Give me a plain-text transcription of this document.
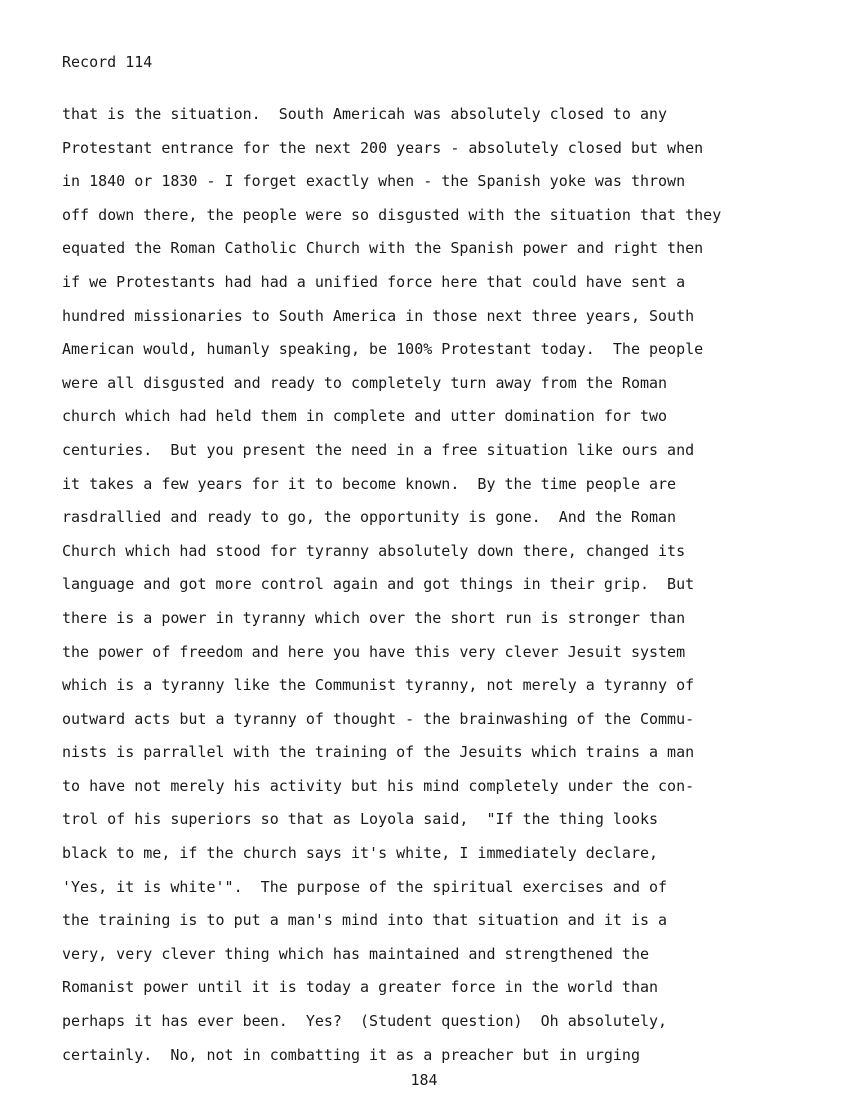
Record 114
that is the situation.  South Americah was absolutely closed to any
Protestant entrance for the next 200 years - absolutely closed but when
in 1840 or 1830 - I forget exactly when - the Spanish yoke was thrown
off down there, the people were so disgusted with the situation that they
equated the Roman Catholic Church with the Spanish power and right then
if we Protestants had had a unified force here that could have sent a
hundred missionaries to South America in those next three years, South
American would, humanly speaking, be 100% Protestant today.  The people
were all disgusted and ready to completely turn away from the Roman
church which had held them in complete and utter domination for two
centuries.  But you present the need in a free situation like ours and
it takes a few years for it to become known.  By the time people are
rasdrallied and ready to go, the opportunity is gone.  And the Roman
Church which had stood for tyranny absolutely down there, changed its
language and got more control again and got things in their grip.  But
there is a power in tyranny which over the short run is stronger than
the power of freedom and here you have this very clever Jesuit system
which is a tyranny like the Communist tyranny, not merely a tyranny of
outward acts but a tyranny of thought - the brainwashing of the Commu-
nists is parrallel with the training of the Jesuits which trains a man
to have not merely his activity but his mind completely under the con-
trol of his superiors so that as Loyola said,  "If the thing looks
black to me, if the church says it's white, I immediately declare,
'Yes, it is white'".  The purpose of the spiritual exercises and of
the training is to put a man's mind into that situation and it is a
very, very clever thing which has maintained and strengthened the
Romanist power until it is today a greater force in the world than
perhaps it has ever been.  Yes?  (Student question)  Oh absolutely,
certainly.  No, not in combatting it as a preacher but in urging
184
